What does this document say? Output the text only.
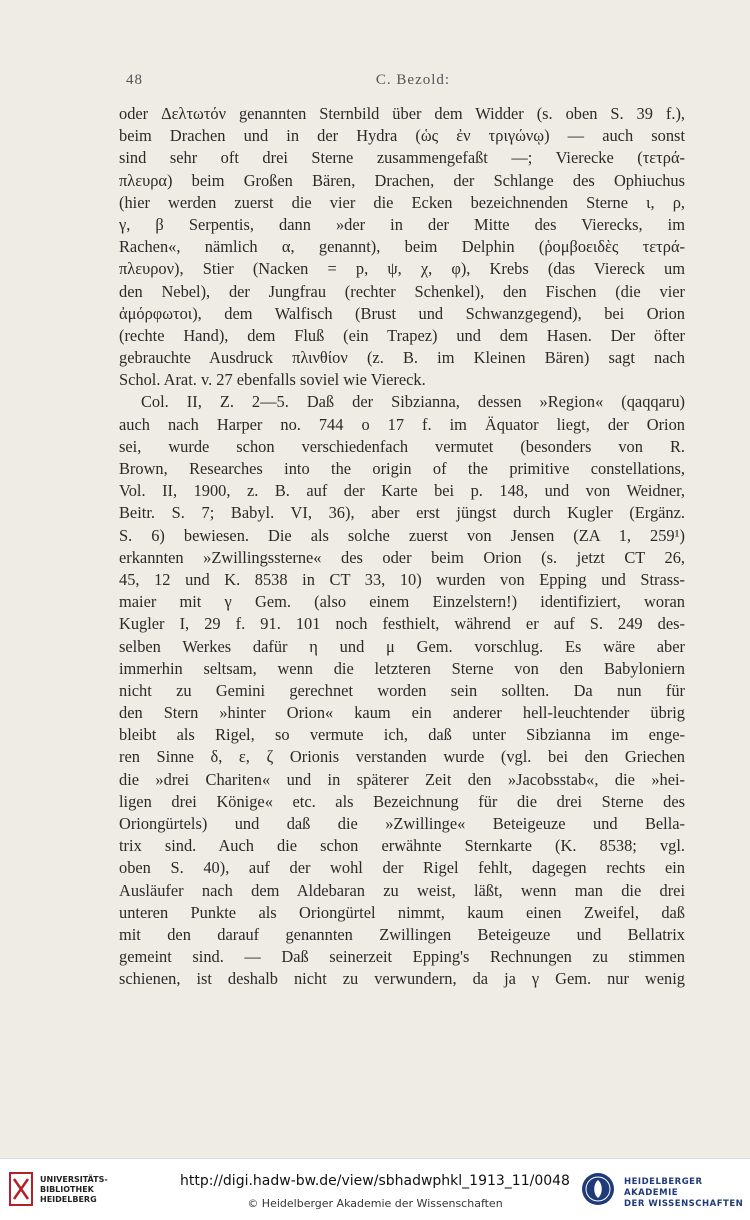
48	C. Bezold:
oder Δελτωτόν genannten Sternbild über dem Widder (s. oben S. 39 f.),
beim Drachen und in der Hydra (ὡς ἐν τριγώνῳ) — auch sonst
sind sehr oft drei Sterne zusammengefaßt —; Vierecke (τετρά-
πλευρα) beim Großen Bären, Drachen, der Schlange des Ophiuchus
(hier werden zuerst die vier die Ecken bezeichnenden Sterne ι, ρ,
γ, β Serpentis, dann »der in der Mitte des Vierecks, im
Rachen«, nämlich α, genannt), beim Delphin (ῥομβοειδὲς τετρά-
πλευρον), Stier (Nacken = p, ψ, χ, φ), Krebs (das Viereck um
den Nebel), der Jungfrau (rechter Schenkel), den Fischen (die vier
ἀμόρφωτοι), dem Walfisch (Brust und Schwanzgegend), bei Orion
(rechte Hand), dem Fluß (ein Trapez) und dem Hasen. Der öfter
gebrauchte Ausdruck πλινθίον (z. B. im Kleinen Bären) sagt nach
Schol. Arat. v. 27 ebenfalls soviel wie Viereck.
Col. II, Z. 2—5. Daß der Sibzianna, dessen »Region« (qaqqaru)
auch nach Harper no. 744 o 17 f. im Äquator liegt, der Orion
sei, wurde schon verschiedenfach vermutet (besonders von R.
Brown, Researches into the origin of the primitive constellations,
Vol. II, 1900, z. B. auf der Karte bei p. 148, und von Weidner,
Beitr. S. 7; Babyl. VI, 36), aber erst jüngst durch Kugler (Ergänz.
S. 6) bewiesen. Die als solche zuerst von Jensen (ZA 1, 259¹)
erkannten »Zwillingssterne« des oder beim Orion (s. jetzt CT 26,
45, 12 und K. 8538 in CT 33, 10) wurden von Epping und Strass-
maier mit γ Gem. (also einem Einzelstern!) identifiziert, woran
Kugler I, 29 f. 91. 101 noch festhielt, während er auf S. 249 des-
selben Werkes dafür η und μ Gem. vorschlug. Es wäre aber
immerhin seltsam, wenn die letzteren Sterne von den Babyloniern
nicht zu Gemini gerechnet worden sein sollten. Da nun für
den Stern »hinter Orion« kaum ein anderer hell-leuchtender übrig
bleibt als Rigel, so vermute ich, daß unter Sibzianna im enge-
ren Sinne δ, ε, ζ Orionis verstanden wurde (vgl. bei den Griechen
die »drei Chariten« und in späterer Zeit den »Jacobsstab«, die »hei-
ligen drei Könige« etc. als Bezeichnung für die drei Sterne des
Oriongürtels) und daß die »Zwillinge« Beteigeuze und Bella-
trix sind. Auch die schon erwähnte Sternkarte (K. 8538; vgl.
oben S. 40), auf der wohl der Rigel fehlt, dagegen rechts ein
Ausläufer nach dem Aldebaran zu weist, läßt, wenn man die drei
unteren Punkte als Oriongürtel nimmt, kaum einen Zweifel, daß
mit den darauf genannten Zwillingen Beteigeuze und Bellatrix
gemeint sind. — Daß seinerzeit Epping's Rechnungen zu stimmen
schienen, ist deshalb nicht zu verwundern, da ja γ Gem. nur wenig
UNIVERSITÄTS-
BIBLIOTHEK
HEIDELBERG
http://digi.hadw-bw.de/view/sbhadwphkl_1913_11/0048
© Heidelberger Akademie der Wissenschaften
HEIDELBERGER AKADEMIE
DER WISSENSCHAFTEN
